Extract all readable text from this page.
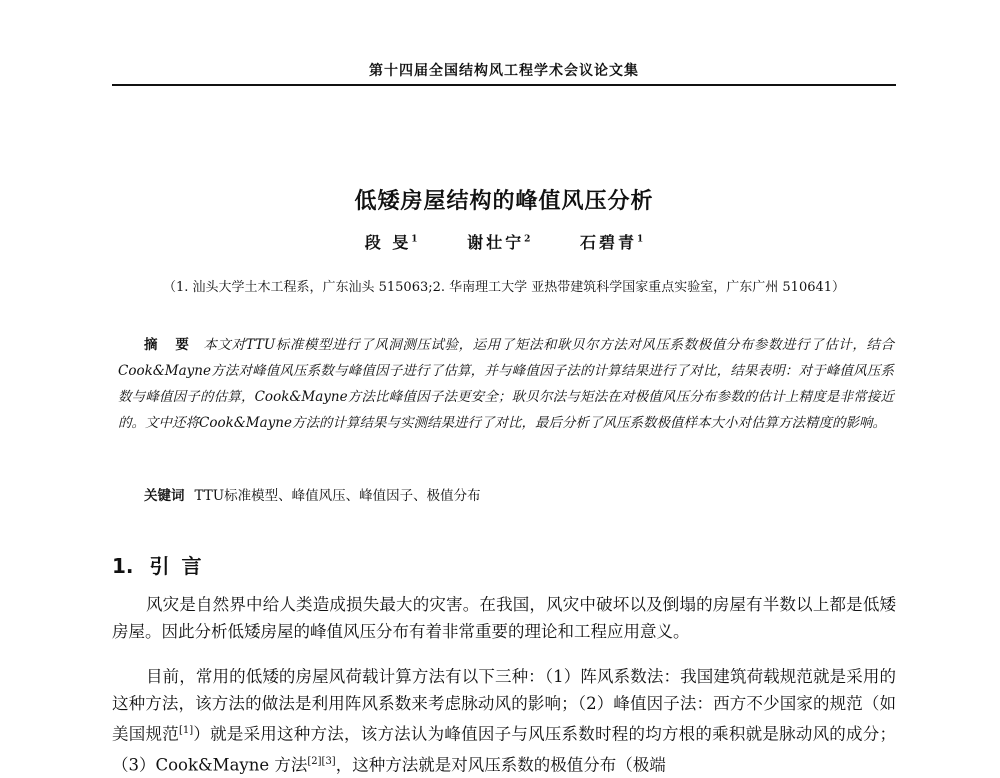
第十四届全国结构风工程学术会议论文集
低矮房屋结构的峰值风压分析
段 旻$^1$	谢壮宁$^2$	石碧青$^1$
（1. 汕头大学土木工程系，广东汕头 515063;2. 华南理工大学 亚热带建筑科学国家重点实验室，广东广州 510641）
摘 要 本文对TTU标准模型进行了风洞测压试验，运用了矩法和耿贝尔方法对风压系数极值分布参数进行了估计，结合Cook&Mayne方法对峰值风压系数与峰值因子进行了估算，并与峰值因子法的计算结果进行了对比，结果表明：对于峰值风压系数与峰值因子的估算，Cook&Mayne方法比峰值因子法更安全；耿贝尔法与矩法在对极值风压分布参数的估计上精度是非常接近的。文中还将Cook&Mayne方法的计算结果与实测结果进行了对比，最后分析了风压系数极值样本大小对估算方法精度的影响。
关键词 TTU标准模型、峰值风压、峰值因子、极值分布
1. 引言
风灾是自然界中给人类造成损失最大的灾害。在我国，风灾中破坏以及倒塌的房屋有半数以上都是低矮房屋。因此分析低矮房屋的峰值风压分布有着非常重要的理论和工程应用意义。
目前，常用的低矮的房屋风荷载计算方法有以下三种：（1）阵风系数法：我国建筑荷载规范就是采用的这种方法，该方法的做法是利用阵风系数来考虑脉动风的影响；（2）峰值因子法：西方不少国家的规范（如美国规范[1]）就是采用这种方法，该方法认为峰值因子与风压系数时程的均方根的乘积就是脉动风的成分；（3）Cook&Mayne 方法[2][3]，这种方法就是对风压系数的极值分布（极端
